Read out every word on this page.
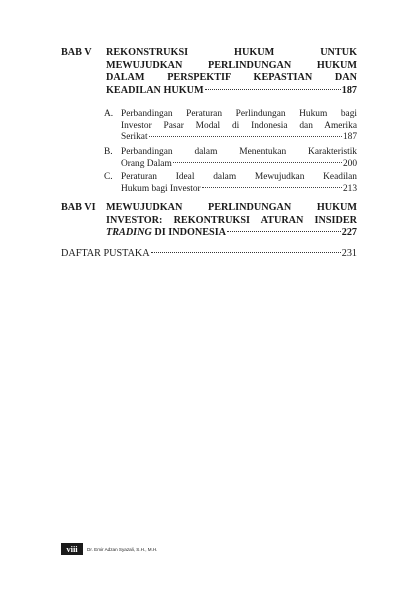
BAB V	REKONSTRUKSI HUKUM UNTUK
MEWUJUDKAN PERLINDUNGAN HUKUM
DALAM PERSPEKTIF KEPASTIAN DAN
KEADILAN HUKUM	187
A. Perbandingan Peraturan Perlindungan Hukum bagi
Investor Pasar Modal di Indonesia dan Amerika
Serikat	187
B. Perbandingan dalam Menentukan Karakteristik
Orang Dalam	200
C. Peraturan Ideal dalam Mewujudkan Keadilan
Hukum bagi Investor	213
BAB VI	MEWUJUDKAN PERLINDUNGAN HUKUM
INVESTOR: REKONTRUKSI ATURAN INSIDER
TRADING DI INDONESIA	227
DAFTAR PUSTAKA	231
viii	Dr. Emir Adzan Syazali, S.H., M.H.
